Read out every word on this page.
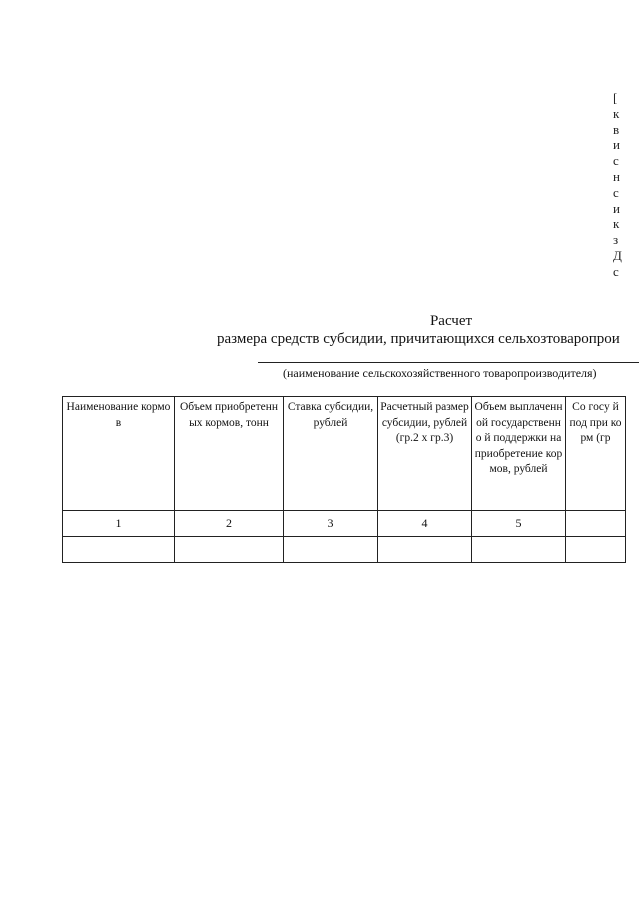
[
к
в
и
с
н
с
и
к
з
Д
с
Расчет
размера средств субсидии, причитающихся сельхозтоваропрои
(наименование сельскохозяйственного товаропроизводителя)
Наименование кормов	Объем приобретенных кормов, тонн	Ставка субсидии, рублей	Расчетный размер субсидии, рублей (гр.2 х гр.3)	Объем выплаченной государственно й поддержки на приобретение кормов, рублей	Со гocy й под при корм (гр
1	2	3	4	5	
